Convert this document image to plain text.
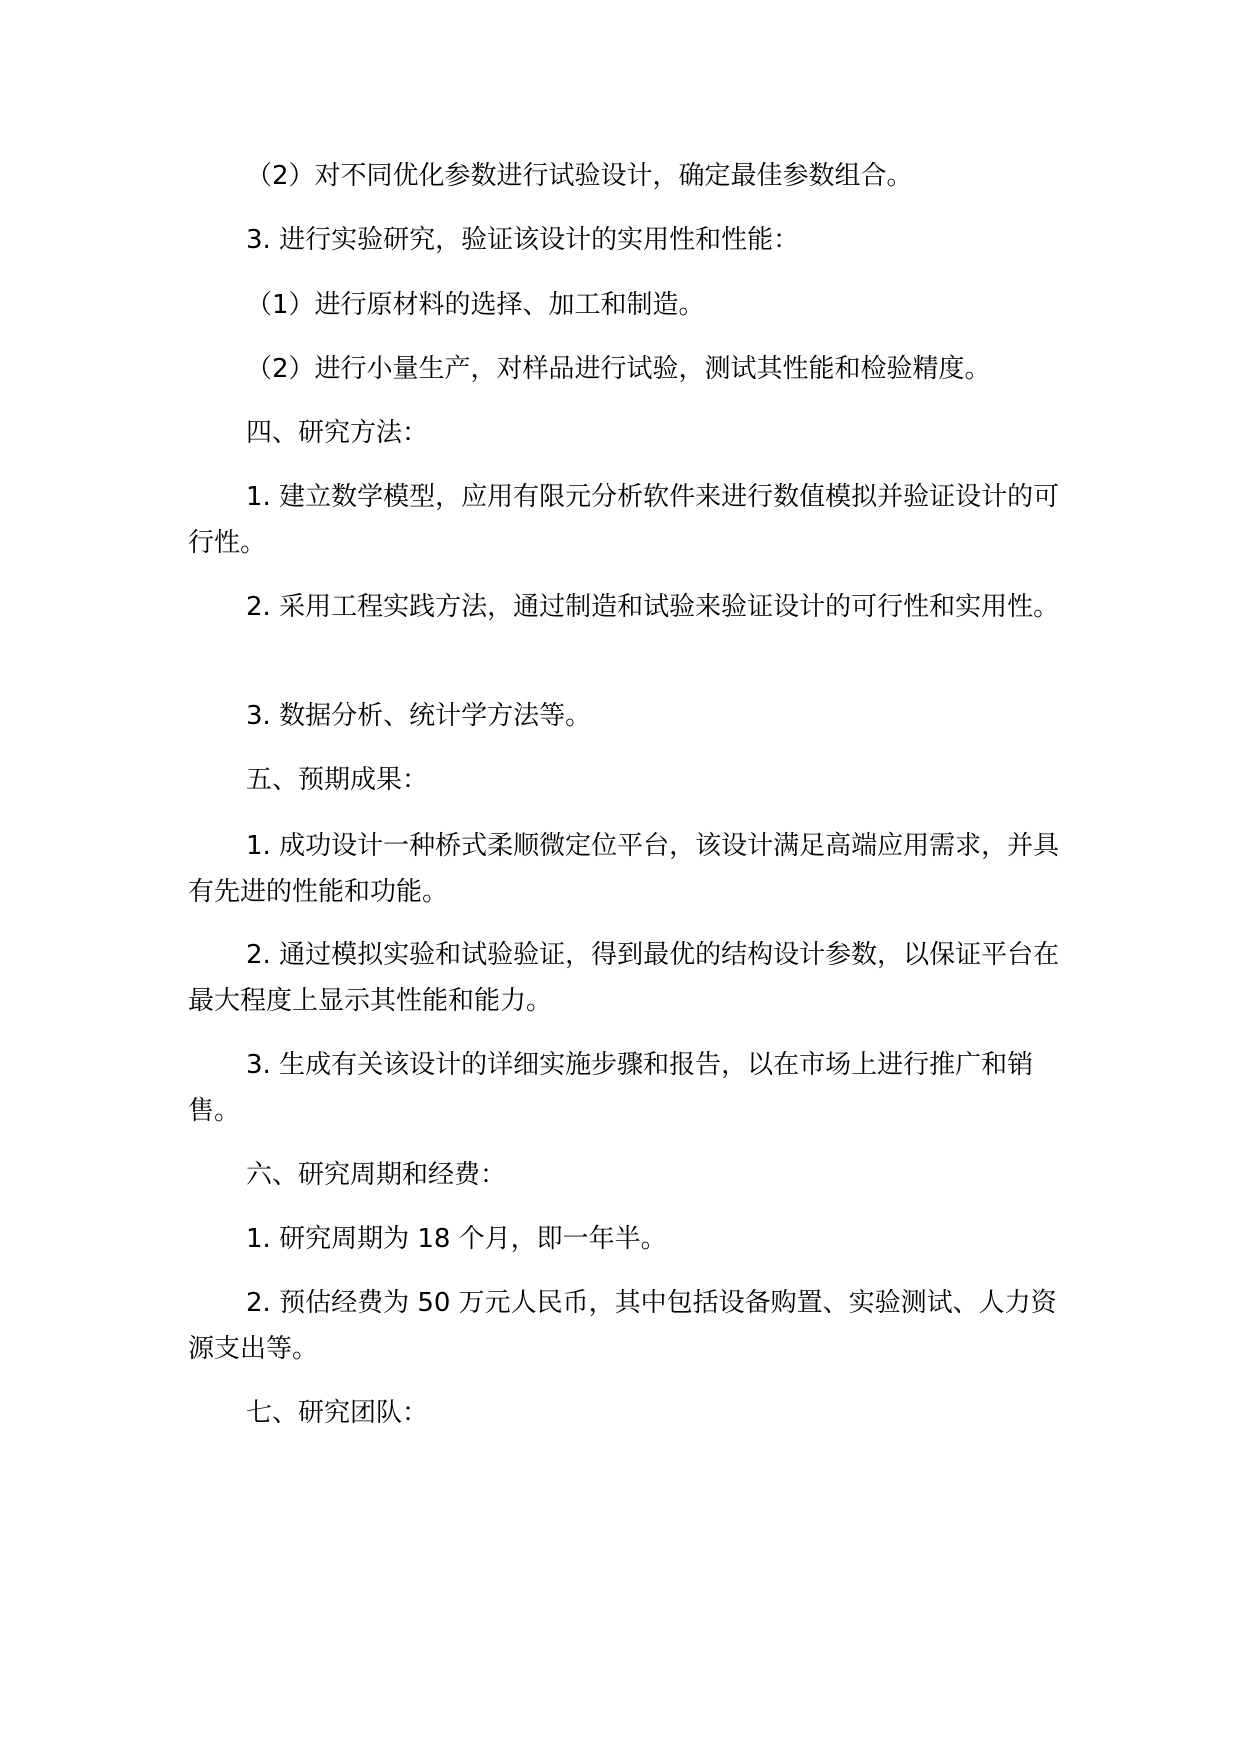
（2）对不同优化参数进行试验设计，确定最佳参数组合。

3. 进行实验研究，验证该设计的实用性和性能：

（1）进行原材料的选择、加工和制造。

（2）进行小量生产，对样品进行试验，测试其性能和检验精度。

四、研究方法：

1. 建立数学模型，应用有限元分析软件来进行数值模拟并验证设计的可行性。

2. 采用工程实践方法，通过制造和试验来验证设计的可行性和实用性。

3. 数据分析、统计学方法等。

五、预期成果：

1. 成功设计一种桥式柔顺微定位平台，该设计满足高端应用需求，并具有先进的性能和功能。

2. 通过模拟实验和试验验证，得到最优的结构设计参数，以保证平台在最大程度上显示其性能和能力。

3. 生成有关该设计的详细实施步骤和报告，以在市场上进行推广和销售。

六、研究周期和经费：

1. 研究周期为 18 个月，即一年半。

2. 预估经费为 50 万元人民币，其中包括设备购置、实验测试、人力资源支出等。

七、研究团队：
